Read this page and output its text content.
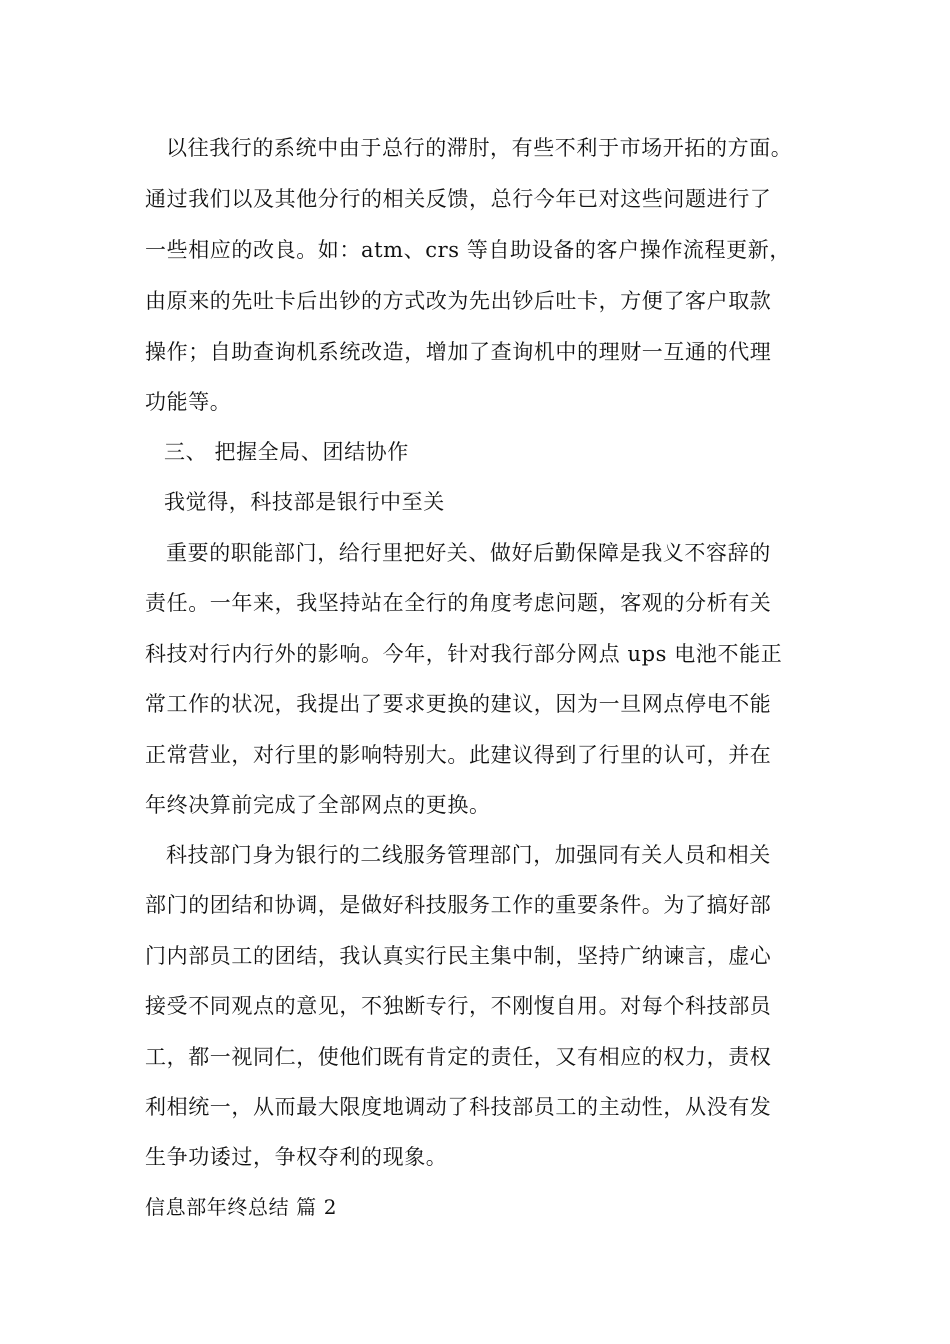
以往我行的系统中由于总行的滞肘，有些不利于市场开拓的方面。
通过我们以及其他分行的相关反馈，总行今年已对这些问题进行了
一些相应的改良。如：atm、crs 等自助设备的客户操作流程更新，
由原来的先吐卡后出钞的方式改为先出钞后吐卡，方便了客户取款
操作；自助查询机系统改造，增加了查询机中的理财一互通的代理
功能等。
三、 把握全局、团结协作
我觉得，科技部是银行中至关
重要的职能部门，给行里把好关、做好后勤保障是我义不容辞的
责任。一年来，我坚持站在全行的角度考虑问题，客观的分析有关
科技对行内行外的影响。今年，针对我行部分网点 ups 电池不能正
常工作的状况，我提出了要求更换的建议，因为一旦网点停电不能
正常营业，对行里的影响特别大。此建议得到了行里的认可，并在
年终决算前完成了全部网点的更换。
科技部门身为银行的二线服务管理部门，加强同有关人员和相关
部门的团结和协调，是做好科技服务工作的重要条件。为了搞好部
门内部员工的团结，我认真实行民主集中制，坚持广纳谏言，虚心
接受不同观点的意见，不独断专行，不刚愎自用。对每个科技部员
工，都一视同仁，使他们既有肯定的责任，又有相应的权力，责权
利相统一，从而最大限度地调动了科技部员工的主动性，从没有发
生争功诿过，争权夺利的现象。
信息部年终总结 篇 2
